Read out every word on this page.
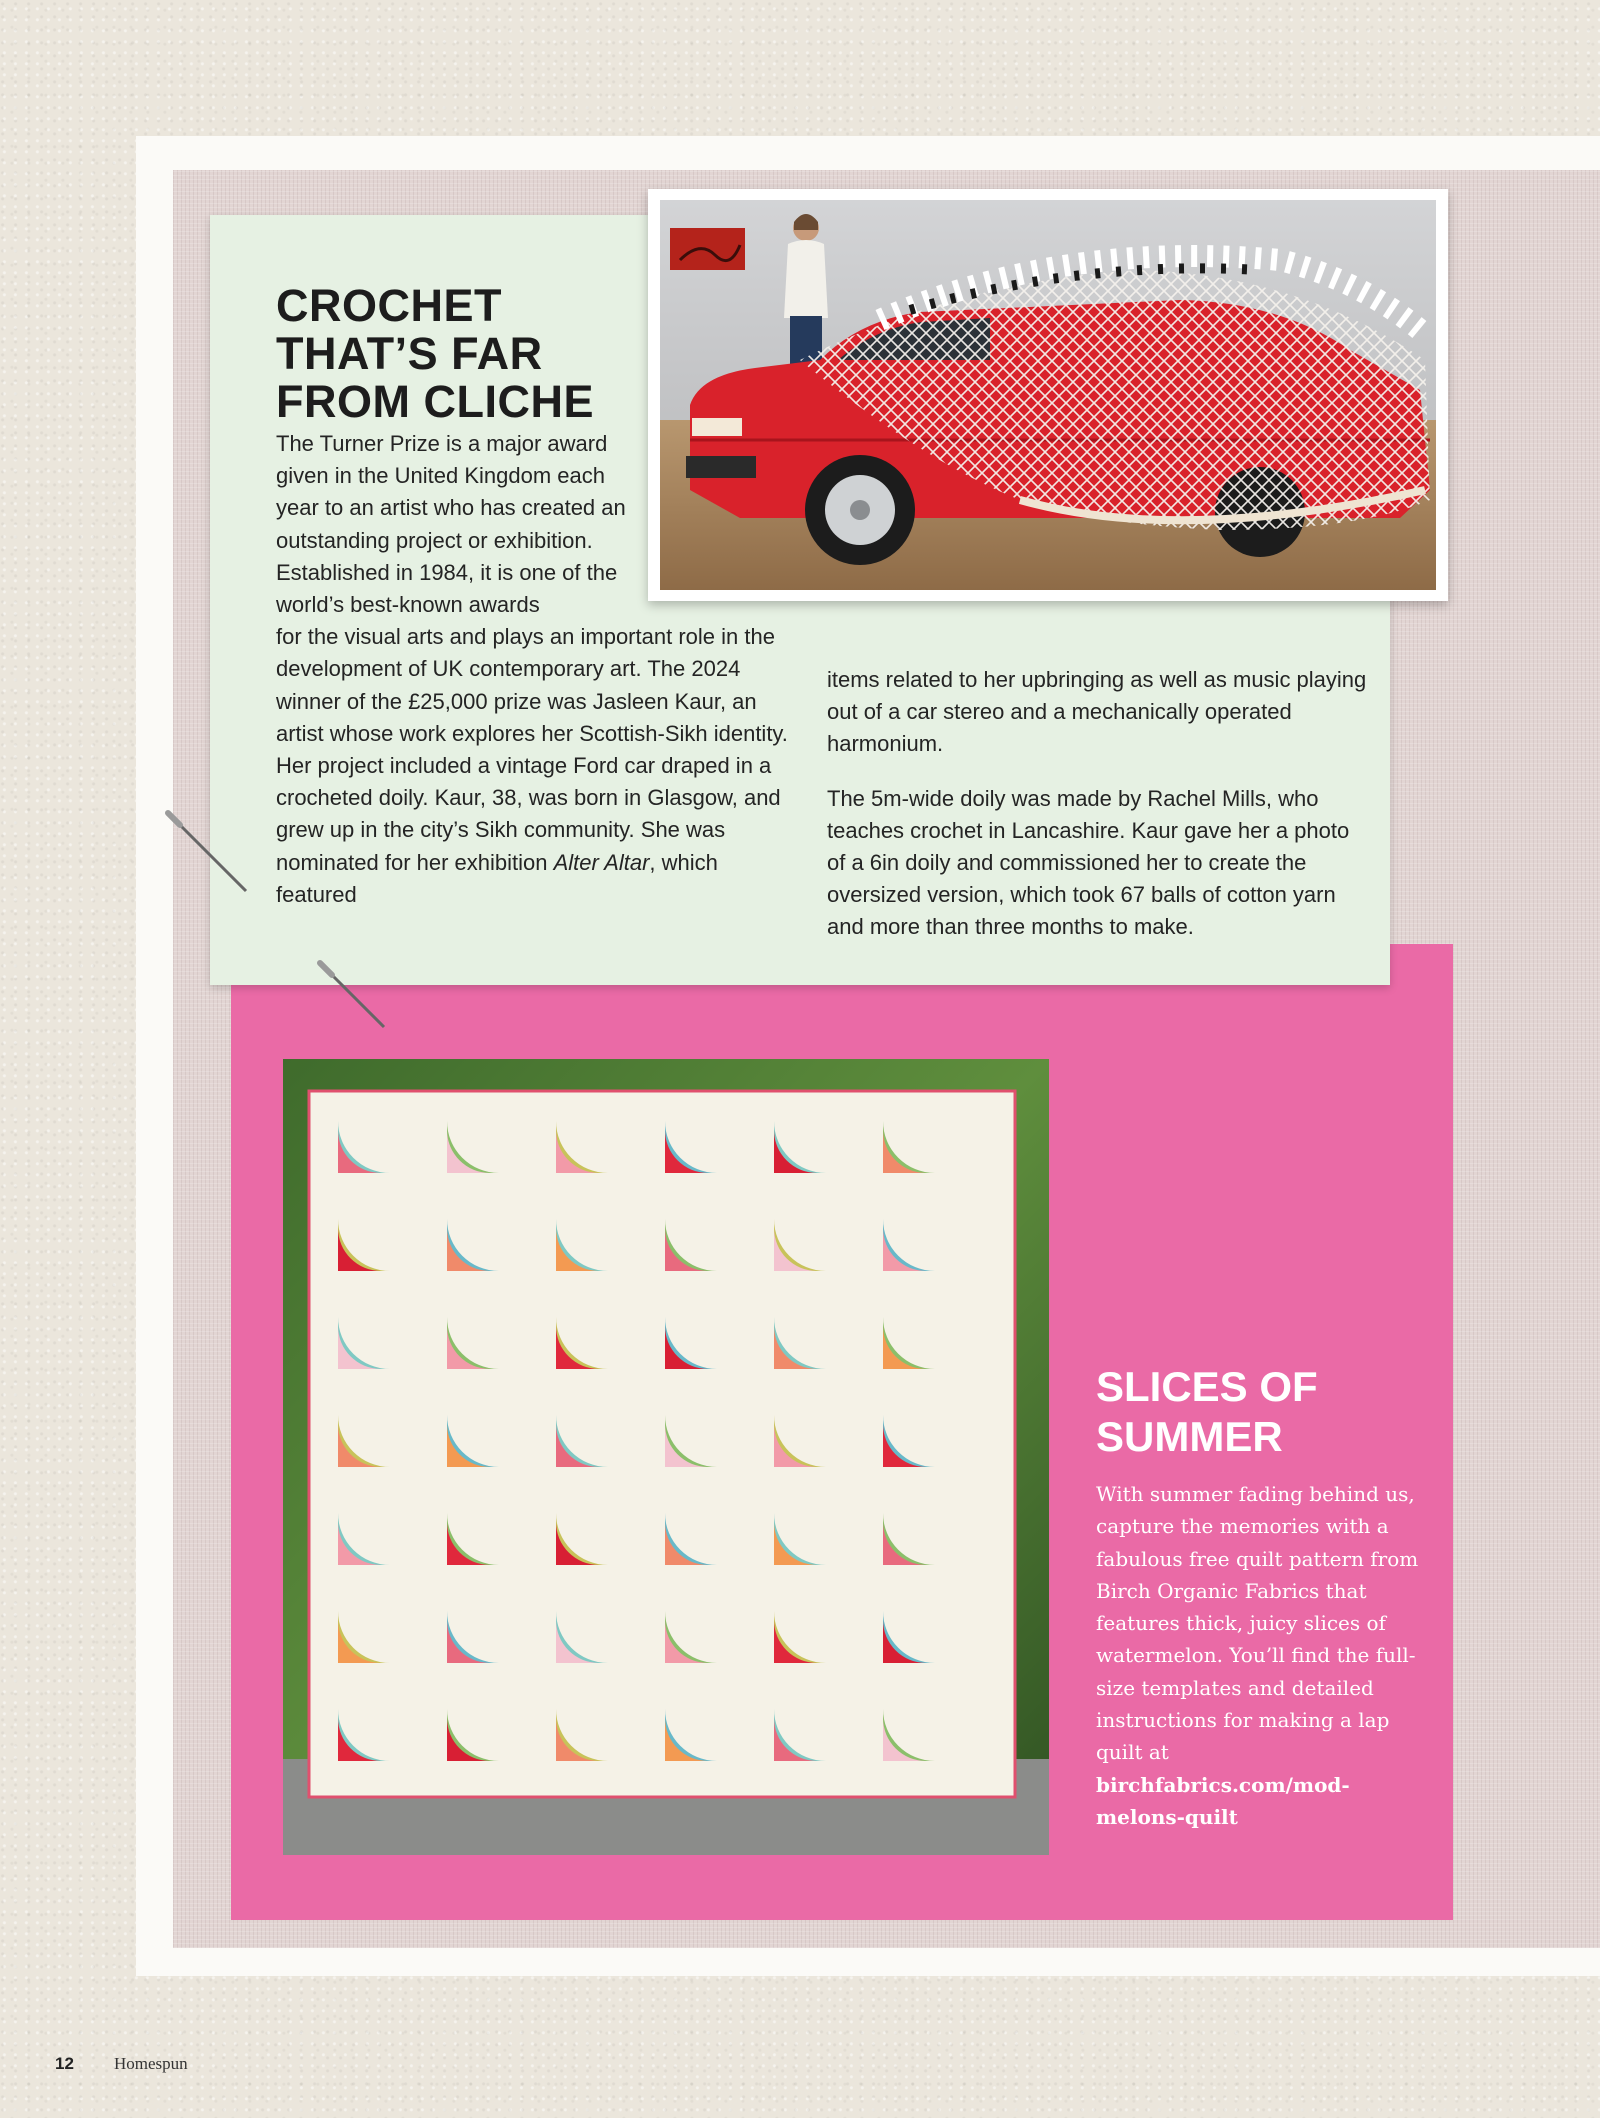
CROCHET THAT’S FAR FROM CLICHE

The Turner Prize is a major award given in the United Kingdom each year to an artist who has created an outstanding project or exhibition. Established in 1984, it is one of the world’s best-known awards

for the visual arts and plays an important role in the development of UK contemporary art. The 2024 winner of the £25,000 prize was Jasleen Kaur, an artist whose work explores her Scottish-Sikh identity. Her project included a vintage Ford car draped in a crocheted doily. Kaur, 38, was born in Glasgow, and grew up in the city’s Sikh community. She was nominated for her exhibition Alter Altar, which featured

items related to her upbringing as well as music playing out of a car stereo and a mechanically operated harmonium.

The 5m-wide doily was made by Rachel Mills, who teaches crochet in Lancashire. Kaur gave her a photo of a 6in doily and commissioned her to create the oversized version, which took 67 balls of cotton yarn and more than three months to make.

SLICES OF SUMMER

With summer fading behind us, capture the memories with a fabulous free quilt pattern from Birch Organic Fabrics that features thick, juicy slices of watermelon. You’ll find the full-size templates and detailed instructions for making a lap quilt at
birchfabrics.com/mod-melons-quilt

12 Homespun
